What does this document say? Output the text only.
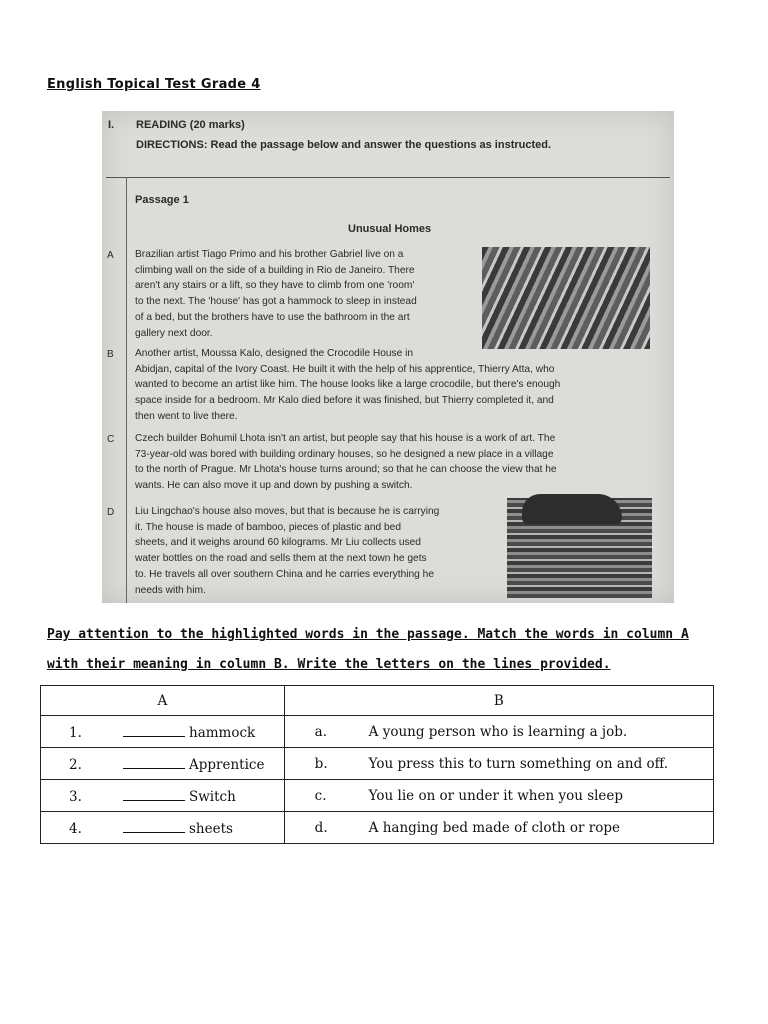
English Topical Test Grade 4
I. READING (20 marks)
DIRECTIONS: Read the passage below and answer the questions as instructed.
Passage 1
Unusual Homes
A Brazilian artist Tiago Primo and his brother Gabriel live on a
climbing wall on the side of a building in Rio de Janeiro. There
aren't any stairs or a lift, so they have to climb from one 'room'
to the next. The 'house' has got a hammock to sleep in instead
of a bed, but the brothers have to use the bathroom in the art
gallery next door.
B Another artist, Moussa Kalo, designed the Crocodile House in
Abidjan, capital of the Ivory Coast. He built it with the help of his apprentice, Thierry Atta, who
wanted to become an artist like him. The house looks like a large crocodile, but there's enough
space inside for a bedroom. Mr Kalo died before it was finished, but Thierry completed it, and
then went to live there.
C Czech builder Bohumil Lhota isn't an artist, but people say that his house is a work of art. The
73-year-old was bored with building ordinary houses, so he designed a new place in a village
to the north of Prague. Mr Lhota's house turns around; so that he can choose the view that he
wants. He can also move it up and down by pushing a switch.
D Liu Lingchao's house also moves, but that is because he is carrying
it. The house is made of bamboo, pieces of plastic and bed
sheets, and it weighs around 60 kilograms. Mr Liu collects used
water bottles on the road and sells them at the next town he gets
to. He travels all over southern China and he carries everything he
needs with him.
Pay attention to the highlighted words in the passage. Match the words in column A
with their meaning in column B. Write the letters on the lines provided.
A	B
1. hammock	a. A young person who is learning a job.
2. Apprentice	b. You press this to turn something on and off.
3. Switch	c. You lie on or under it when you sleep
4. sheets	d. A hanging bed made of cloth or rope
